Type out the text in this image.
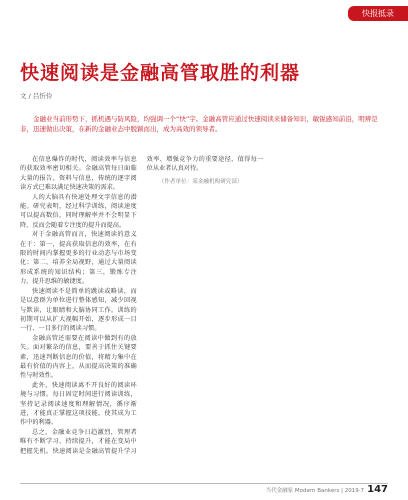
快报抵录
快速阅读是金融高管取胜的利器
文 / 吕忻伶

金融业当前形势下，抓机遇与防风险，均强调一个“快”字。金融高管应通过快速阅读来储备知识，敏锐感知前沿，明辨是非，迅速做出决策，在新的金融业态中脱颖而出，成为高效的领导者。

在信息爆炸的时代，阅读效率与信息的获取效率密切相关。金融高管每日面临大量的报告、资料与信息，传统的逐字阅读方式已难以满足快速决策的需求。

人的大脑具有快速处理文字信息的潜能。研究表明，经过科学训练，阅读速度可以提高数倍，同时理解率并不会明显下降，反而会随着专注度的提升而提高。

对于金融高管而言，快速阅读的意义在于：第一，提高获取信息的效率，在有限的时间内掌握更多的行业动态与市场变化；第二，培养全局视野，通过大量阅读形成系统的知识结构；第三，锻炼专注力，提升思维的敏捷度。

快速阅读不是简单的跳读或略读，而是以意群为单位进行整体感知，减少回视与默读，让眼睛和大脑协同工作。训练的初期可以从扩大视幅开始，逐步形成一目一行、一目多行的阅读习惯。

金融高管还需要在阅读中做到有的放矢。面对繁杂的信息，要善于抓住关键要素，迅速判断信息的价值，将精力集中在最有价值的内容上，从而提高决策的准确性与时效性。

此外，快速阅读离不开良好的阅读环境与习惯。每日固定时间进行阅读训练，坚持记录阅读速度和理解情况，循序渐进，才能真正掌握这项技能，使其成为工作中的利器。

总之，金融业竞争日趋激烈，管理者唯有不断学习、持续提升，才能在变局中把握先机。快速阅读是金融高管提升学习效率、增强竞争力的重要途径，值得每一位从业者认真对待。

（作者单位：某金融机构研究部）

当代金融家 Modern Bankers | 2019·7 147
